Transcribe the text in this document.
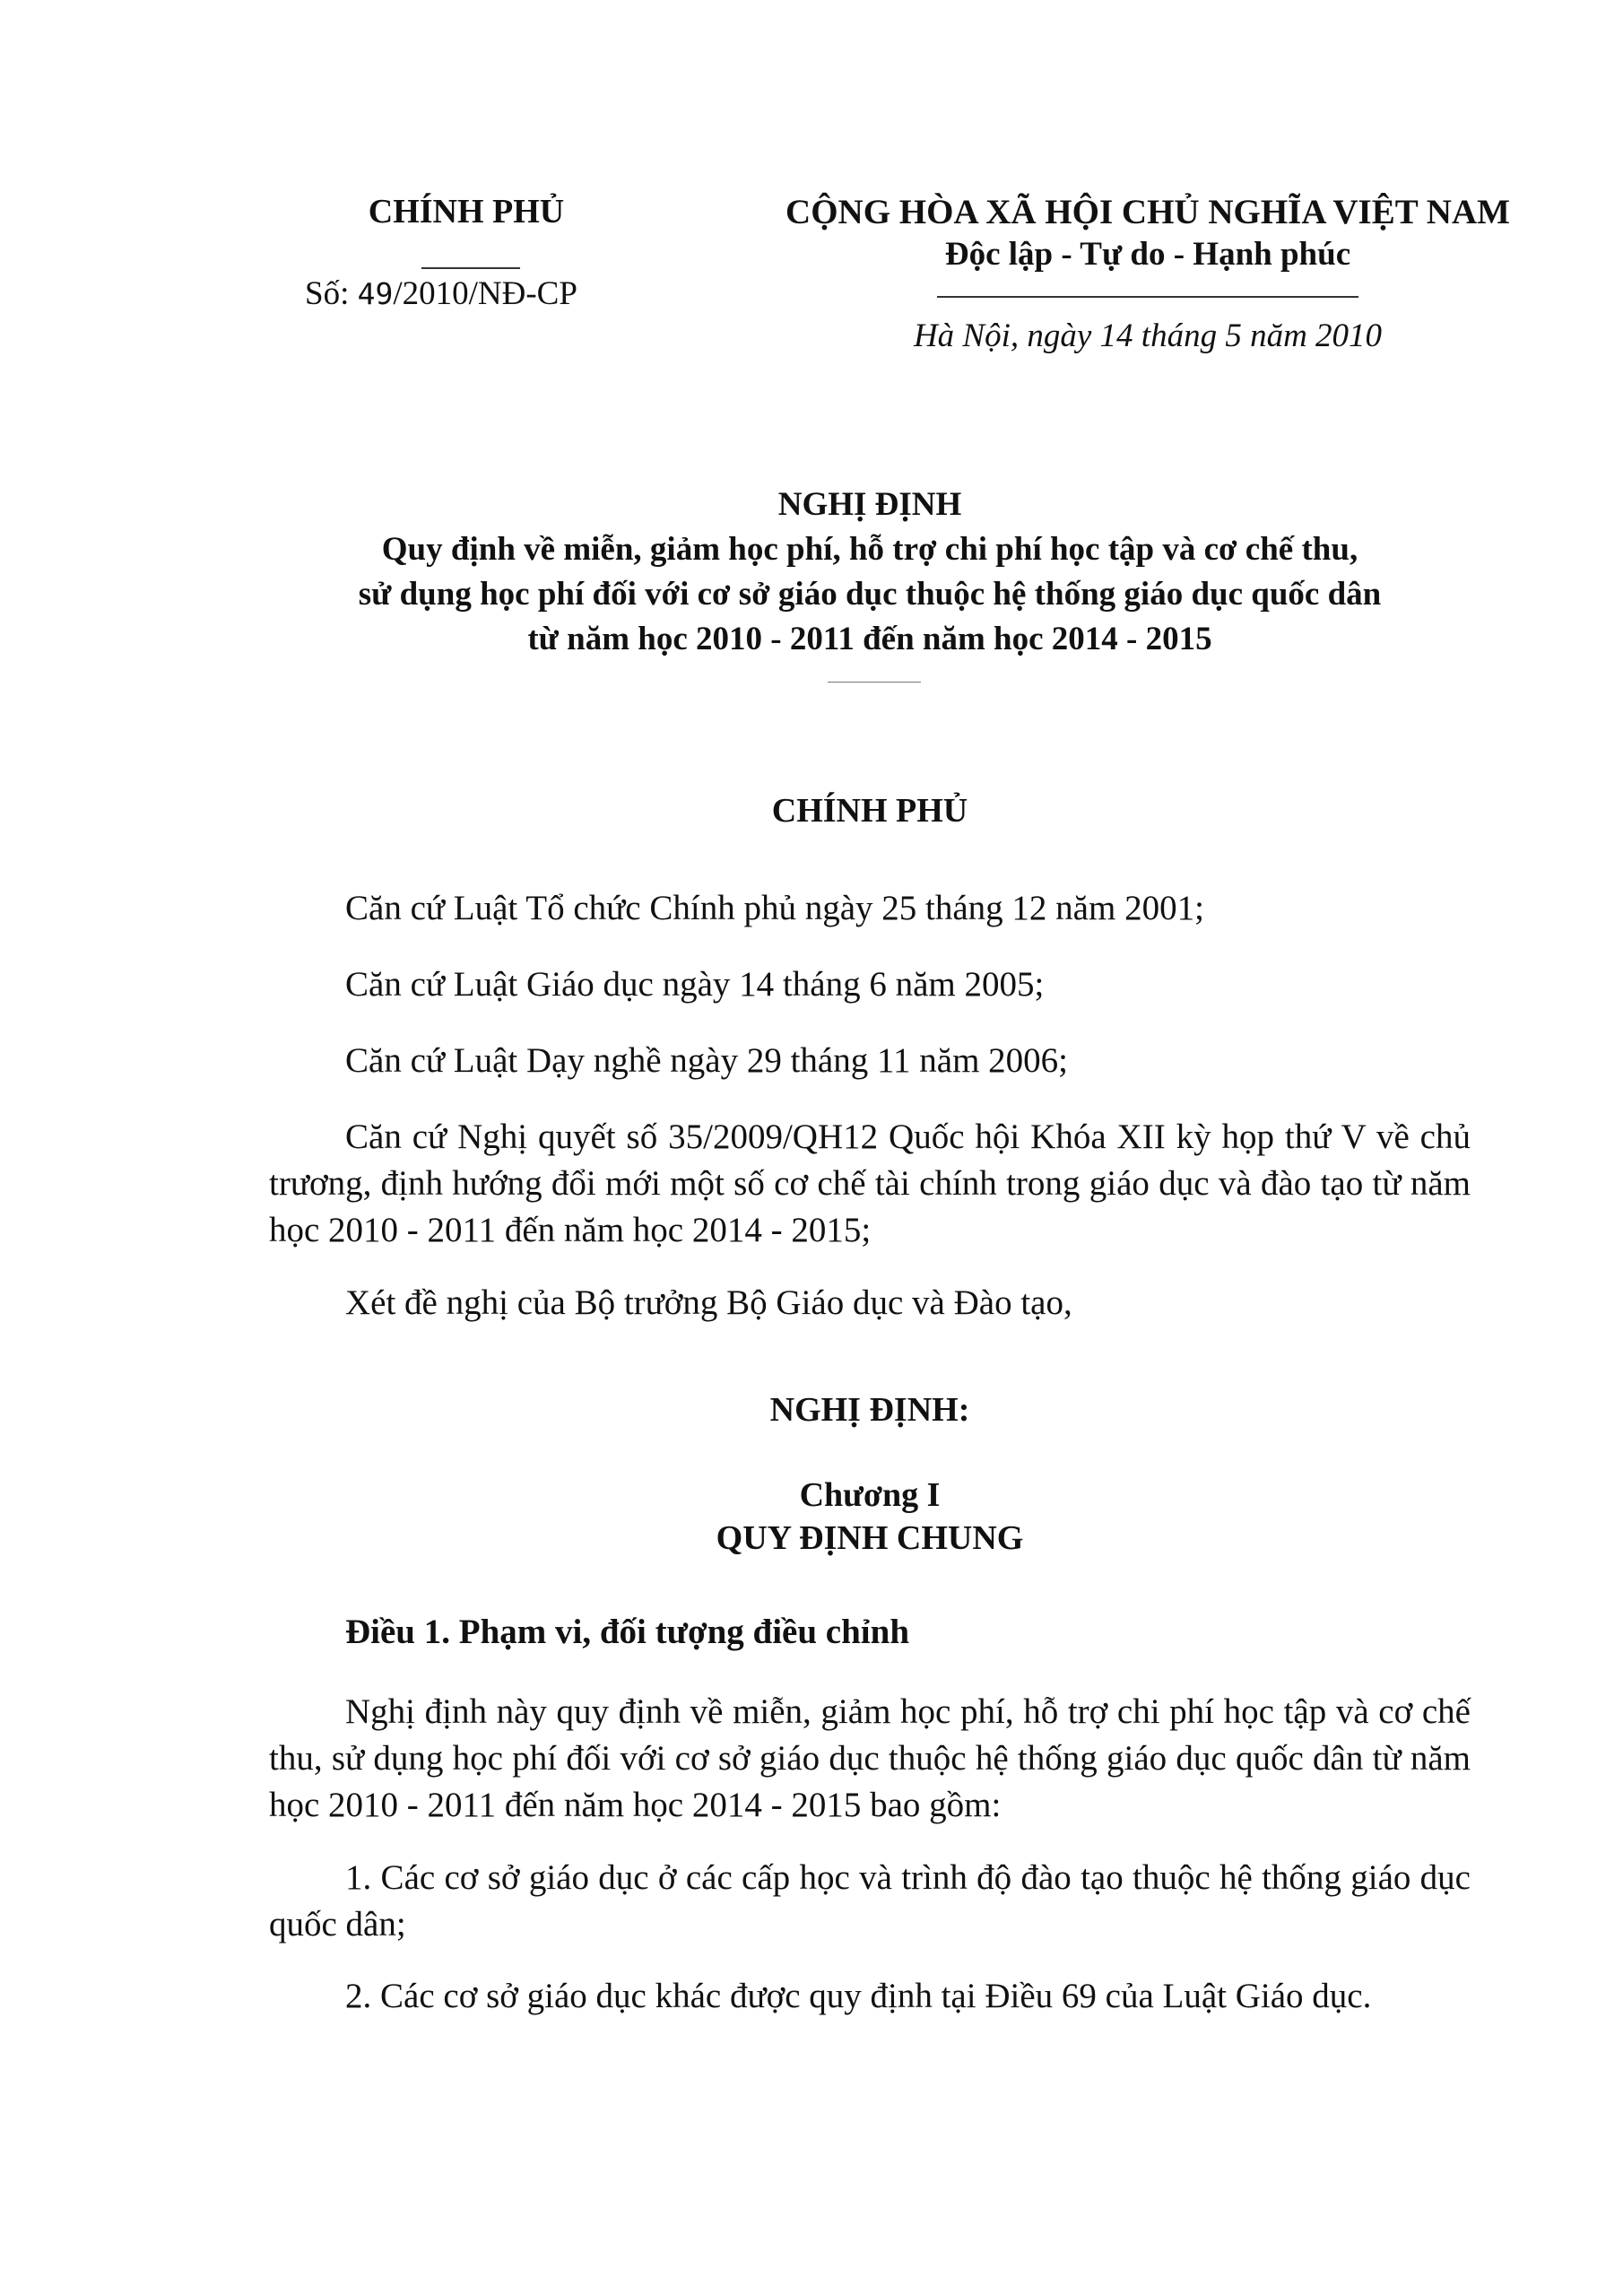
CHÍNH PHỦ
Số: 49/2010/NĐ-CP
CỘNG HÒA XÃ HỘI CHỦ NGHĨA VIỆT NAM
Độc lập - Tự do - Hạnh phúc
Hà Nội, ngày 14 tháng 5 năm 2010
NGHỊ ĐỊNH
Quy định về miễn, giảm học phí, hỗ trợ chi phí học tập và cơ chế thu,
sử dụng học phí đối với cơ sở giáo dục thuộc hệ thống giáo dục quốc dân
từ năm học 2010 - 2011 đến năm học 2014 - 2015
CHÍNH PHỦ
Căn cứ Luật Tổ chức Chính phủ ngày 25 tháng 12 năm 2001;
Căn cứ Luật Giáo dục ngày 14 tháng 6 năm 2005;
Căn cứ Luật Dạy nghề ngày 29 tháng 11 năm 2006;
Căn cứ Nghị quyết số 35/2009/QH12 Quốc hội Khóa XII kỳ họp thứ V về chủ trương, định hướng đổi mới một số cơ chế tài chính trong giáo dục và đào tạo từ năm học 2010 - 2011 đến năm học 2014 - 2015;
Xét đề nghị của Bộ trưởng Bộ Giáo dục và Đào tạo,
NGHỊ ĐỊNH:
Chương I
QUY ĐỊNH CHUNG
Điều 1. Phạm vi, đối tượng điều chỉnh
Nghị định này quy định về miễn, giảm học phí, hỗ trợ chi phí học tập và cơ chế thu, sử dụng học phí đối với cơ sở giáo dục thuộc hệ thống giáo dục quốc dân từ năm học 2010 - 2011 đến năm học 2014 - 2015 bao gồm:
1. Các cơ sở giáo dục ở các cấp học và trình độ đào tạo thuộc hệ thống giáo dục quốc dân;
2. Các cơ sở giáo dục khác được quy định tại Điều 69 của Luật Giáo dục.
